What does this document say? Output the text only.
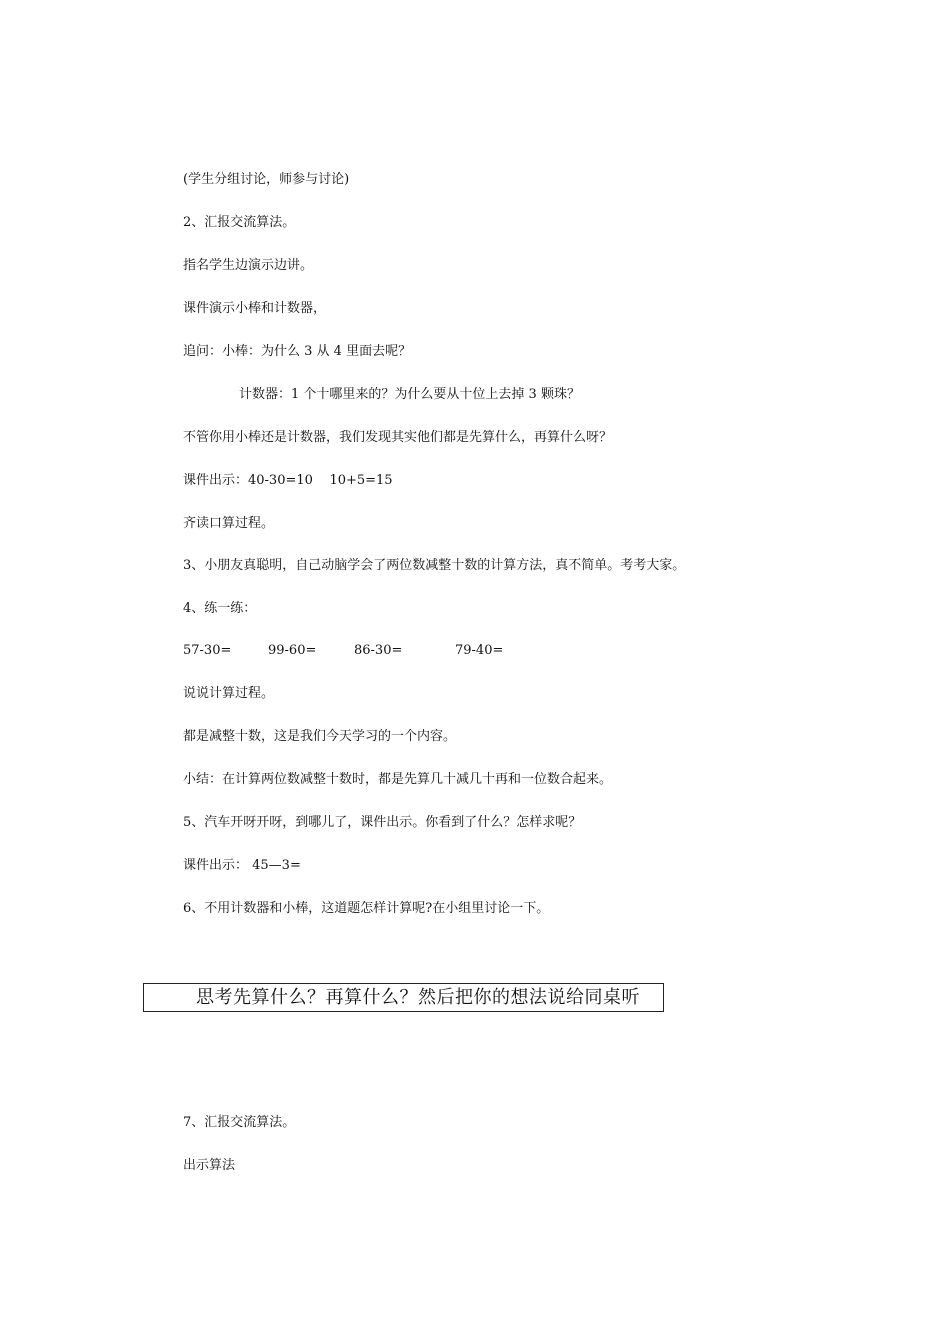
(学生分组讨论，师参与讨论)

2、汇报交流算法。

指名学生边演示边讲。

课件演示小棒和计数器，

追问：小棒：为什么 3 从 4 里面去呢？

计数器：1 个十哪里来的？为什么要从十位上去掉 3 颗珠？

不管你用小棒还是计数器，我们发现其实他们都是先算什么，再算什么呀？

课件出示：40-30=10    10+5=15

齐读口算过程。

3、小朋友真聪明，自己动脑学会了两位数减整十数的计算方法，真不简单。考考大家。

4、练一练：

57-30=	99-60=	86-30=	79-40=

说说计算过程。

都是减整十数，这是我们今天学习的一个内容。

小结：在计算两位数减整十数时，都是先算几十减几十再和一位数合起来。

5、汽车开呀开呀，到哪儿了，课件出示。你看到了什么？怎样求呢？

课件出示： 45—3=

6、不用计数器和小棒，这道题怎样计算呢?在小组里讨论一下。

思考先算什么？再算什么？然后把你的想法说给同桌听

7、汇报交流算法。

出示算法
